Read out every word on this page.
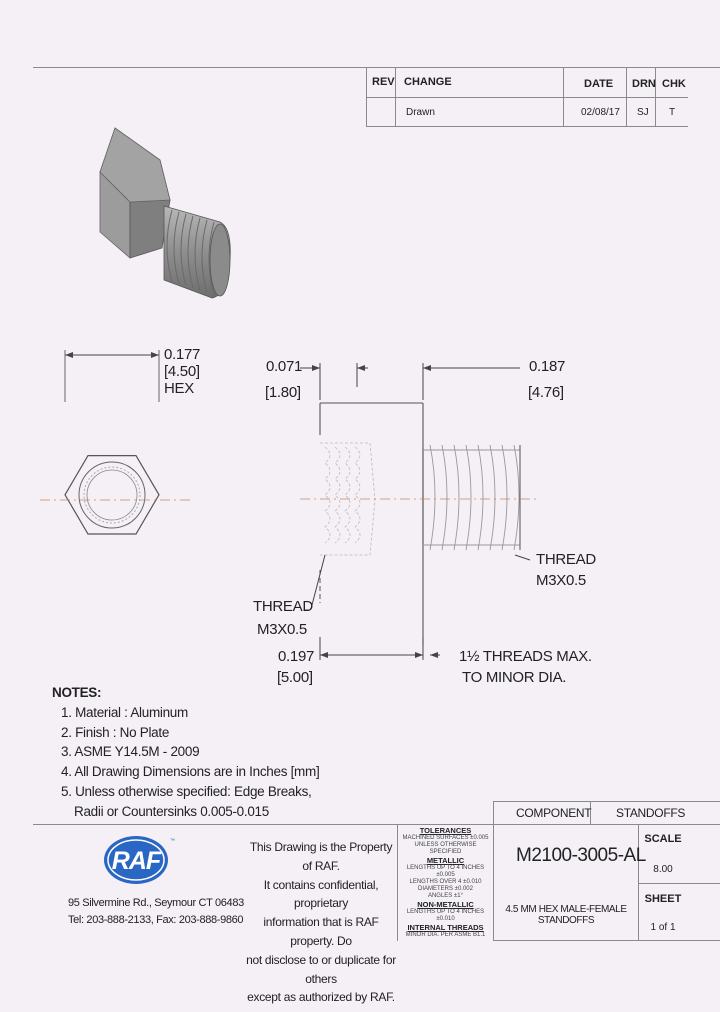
REV CHANGE	DATE DRN CHK
Drawn	02/08/17 SJ T
0.177
[4.50]
HEX
0.071
[1.80]
0.187
[4.76]
THREAD
M3X0.5
THREAD
M3X0.5
0.197
[5.00]
1½ THREADS MAX.
TO MINOR DIA.
NOTES:
1. Material : Aluminum
2. Finish : No Plate
3. ASME Y14.5M - 2009
4. All Drawing Dimensions are in Inches [mm]
5. Unless otherwise specified: Edge Breaks,
Radii or Countersinks 0.005-0.015	COMPONENT STANDOFFS
M2100-3005-AL
4.5 MM HEX MALE-FEMALE STANDOFFS
SCALE
8.00
SHEET
1 of 1
TOLERANCES
MACHINED SURFACES ±0.005
UNLESS OTHERWISE SPECIFIED
METALLIC
LENGTHS UP TO 4 INCHES ±0.005
LENGTHS OVER 4 ±0.010
DIAMETERS ±0.002
ANGLES ±1°
NON-METALLIC
LENGTHS UP TO 4 INCHES ±0.010
INTERNAL THREADS
MINOR DIA. PER ASME B1.1
This Drawing is the Property of RAF.
It contains confidential, proprietary
information that is RAF property. Do
not disclose to or duplicate for others
except as authorized by RAF.
RAF
™
95 Silvermine Rd., Seymour CT 06483
Tel: 203-888-2133, Fax: 203-888-9860
